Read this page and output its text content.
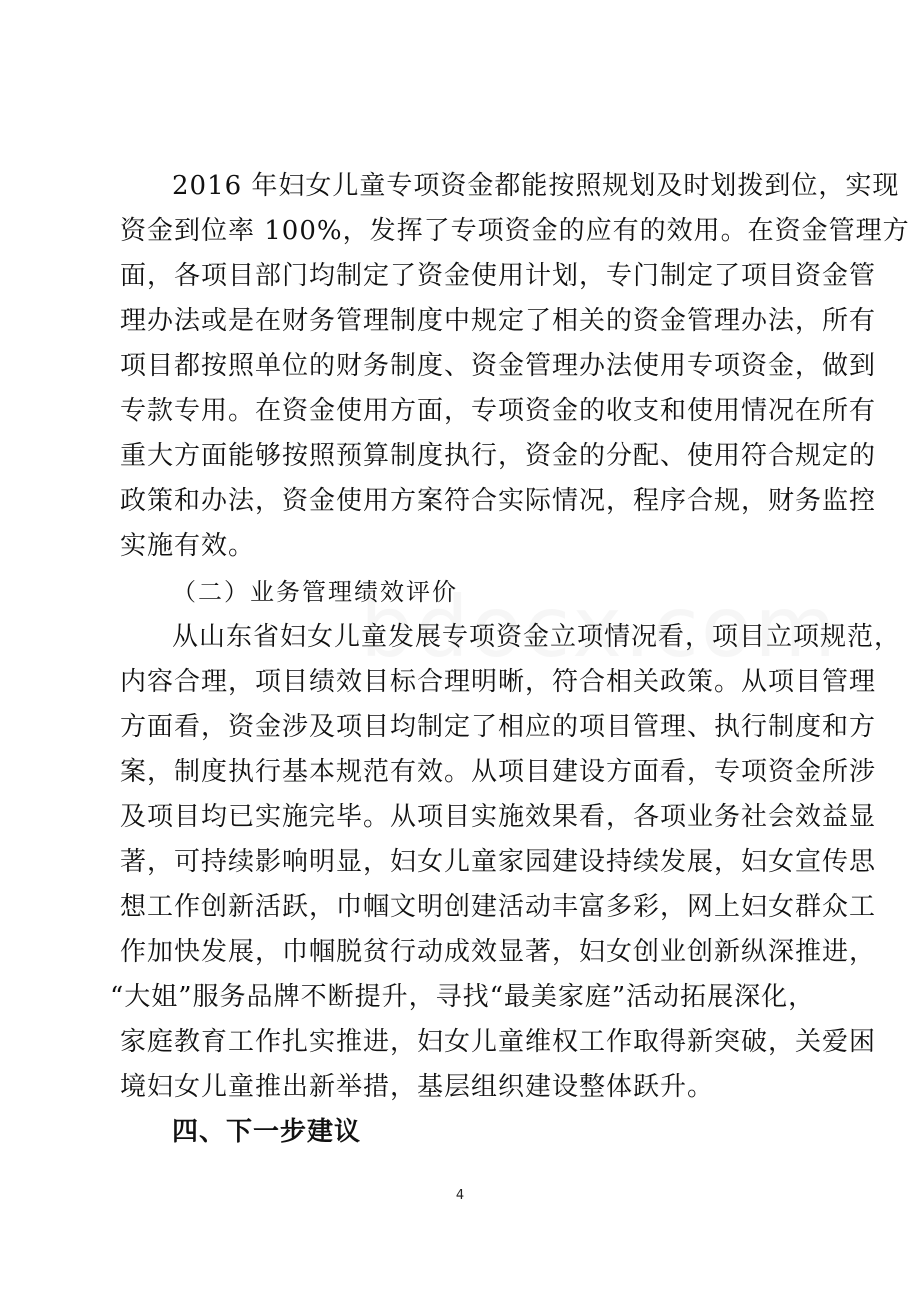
2016 年妇女儿童专项资金都能按照规划及时划拨到位，实现
资金到位率 100%，发挥了专项资金的应有的效用。在资金管理方
面，各项目部门均制定了资金使用计划，专门制定了项目资金管
理办法或是在财务管理制度中规定了相关的资金管理办法，所有
项目都按照单位的财务制度、资金管理办法使用专项资金，做到
专款专用。在资金使用方面，专项资金的收支和使用情况在所有
重大方面能够按照预算制度执行，资金的分配、使用符合规定的
政策和办法，资金使用方案符合实际情况，程序合规，财务监控
实施有效。
（二）业务管理绩效评价
从山东省妇女儿童发展专项资金立项情况看，项目立项规范，
内容合理，项目绩效目标合理明晰，符合相关政策。从项目管理
方面看，资金涉及项目均制定了相应的项目管理、执行制度和方
案，制度执行基本规范有效。从项目建设方面看，专项资金所涉
及项目均已实施完毕。从项目实施效果看，各项业务社会效益显
著，可持续影响明显，妇女儿童家园建设持续发展，妇女宣传思
想工作创新活跃，巾帼文明创建活动丰富多彩，网上妇女群众工
作加快发展，巾帼脱贫行动成效显著，妇女创业创新纵深推进，
“大姐”服务品牌不断提升，寻找“最美家庭”活动拓展深化，
家庭教育工作扎实推进，妇女儿童维权工作取得新突破，关爱困
境妇女儿童推出新举措，基层组织建设整体跃升。
四、下一步建议
4
